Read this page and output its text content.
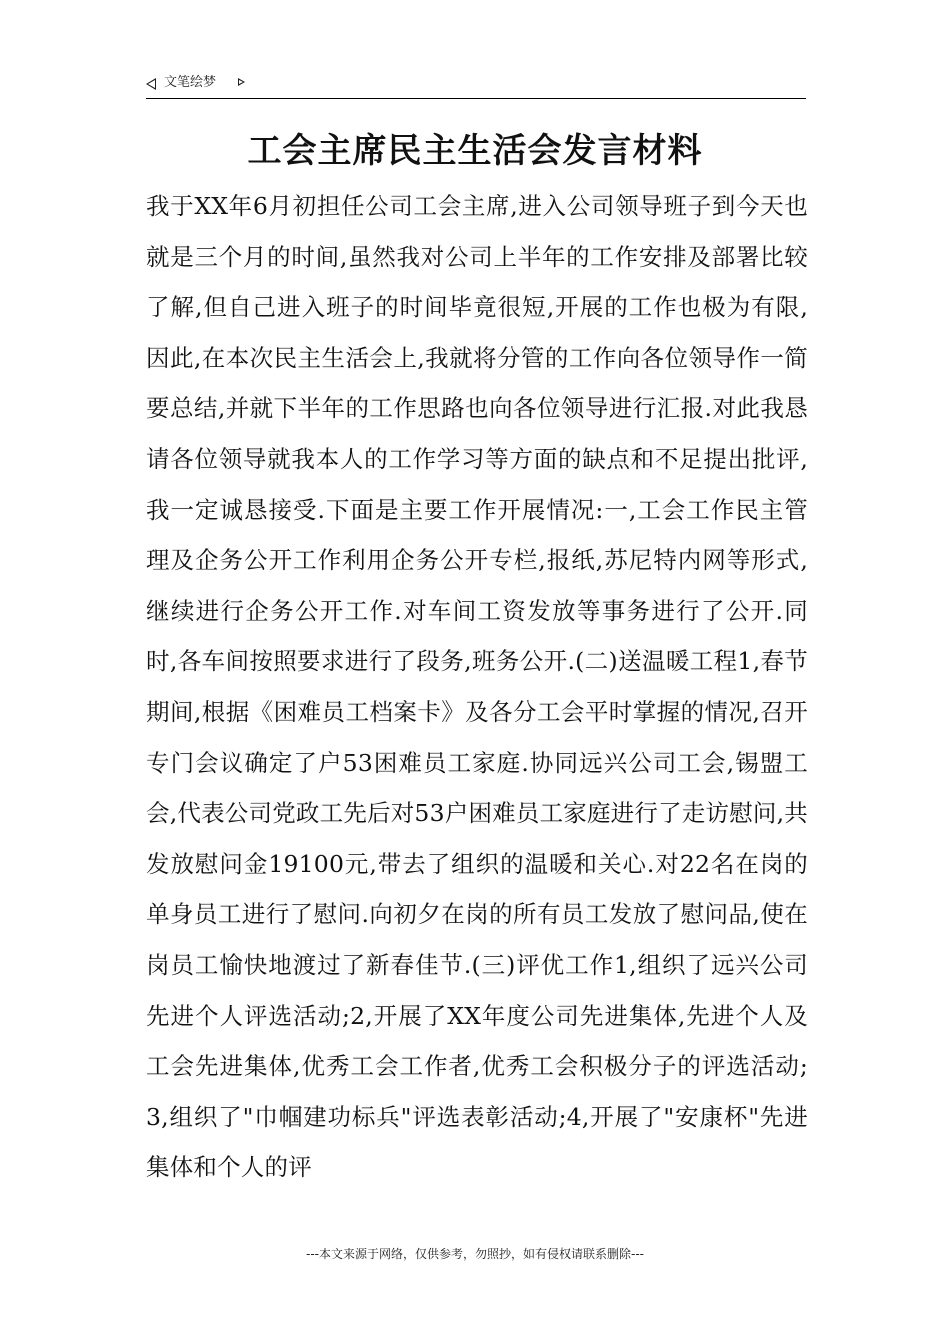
文笔绘梦
工会主席民主生活会发言材料
我于XX年6月初担任公司工会主席,进入公司领导班子到今天也就是三个月的时间,虽然我对公司上半年的工作安排及部署比较了解,但自己进入班子的时间毕竟很短,开展的工作也极为有限,因此,在本次民主生活会上,我就将分管的工作向各位领导作一简要总结,并就下半年的工作思路也向各位领导进行汇报.对此我恳请各位领导就我本人的工作学习等方面的缺点和不足提出批评,我一定诚恳接受.下面是主要工作开展情况:一,工会工作民主管理及企务公开工作利用企务公开专栏,报纸,苏尼特内网等形式,继续进行企务公开工作.对车间工资发放等事务进行了公开.同时,各车间按照要求进行了段务,班务公开.(二)送温暖工程1,春节期间,根据《困难员工档案卡》及各分工会平时掌握的情况,召开专门会议确定了户53困难员工家庭.协同远兴公司工会,锡盟工会,代表公司党政工先后对53户困难员工家庭进行了走访慰问,共发放慰问金19100元,带去了组织的温暖和关心.对22名在岗的单身员工进行了慰问.向初夕在岗的所有员工发放了慰问品,使在岗员工愉快地渡过了新春佳节.(三)评优工作1,组织了远兴公司先进个人评选活动;2,开展了XX年度公司先进集体,先进个人及工会先进集体,优秀工会工作者,优秀工会积极分子的评选活动;3,组织了"巾帼建功标兵"评选表彰活动;4,开展了"安康杯"先进集体和个人的评
---本文来源于网络，仅供参考，勿照抄，如有侵权请联系删除---
